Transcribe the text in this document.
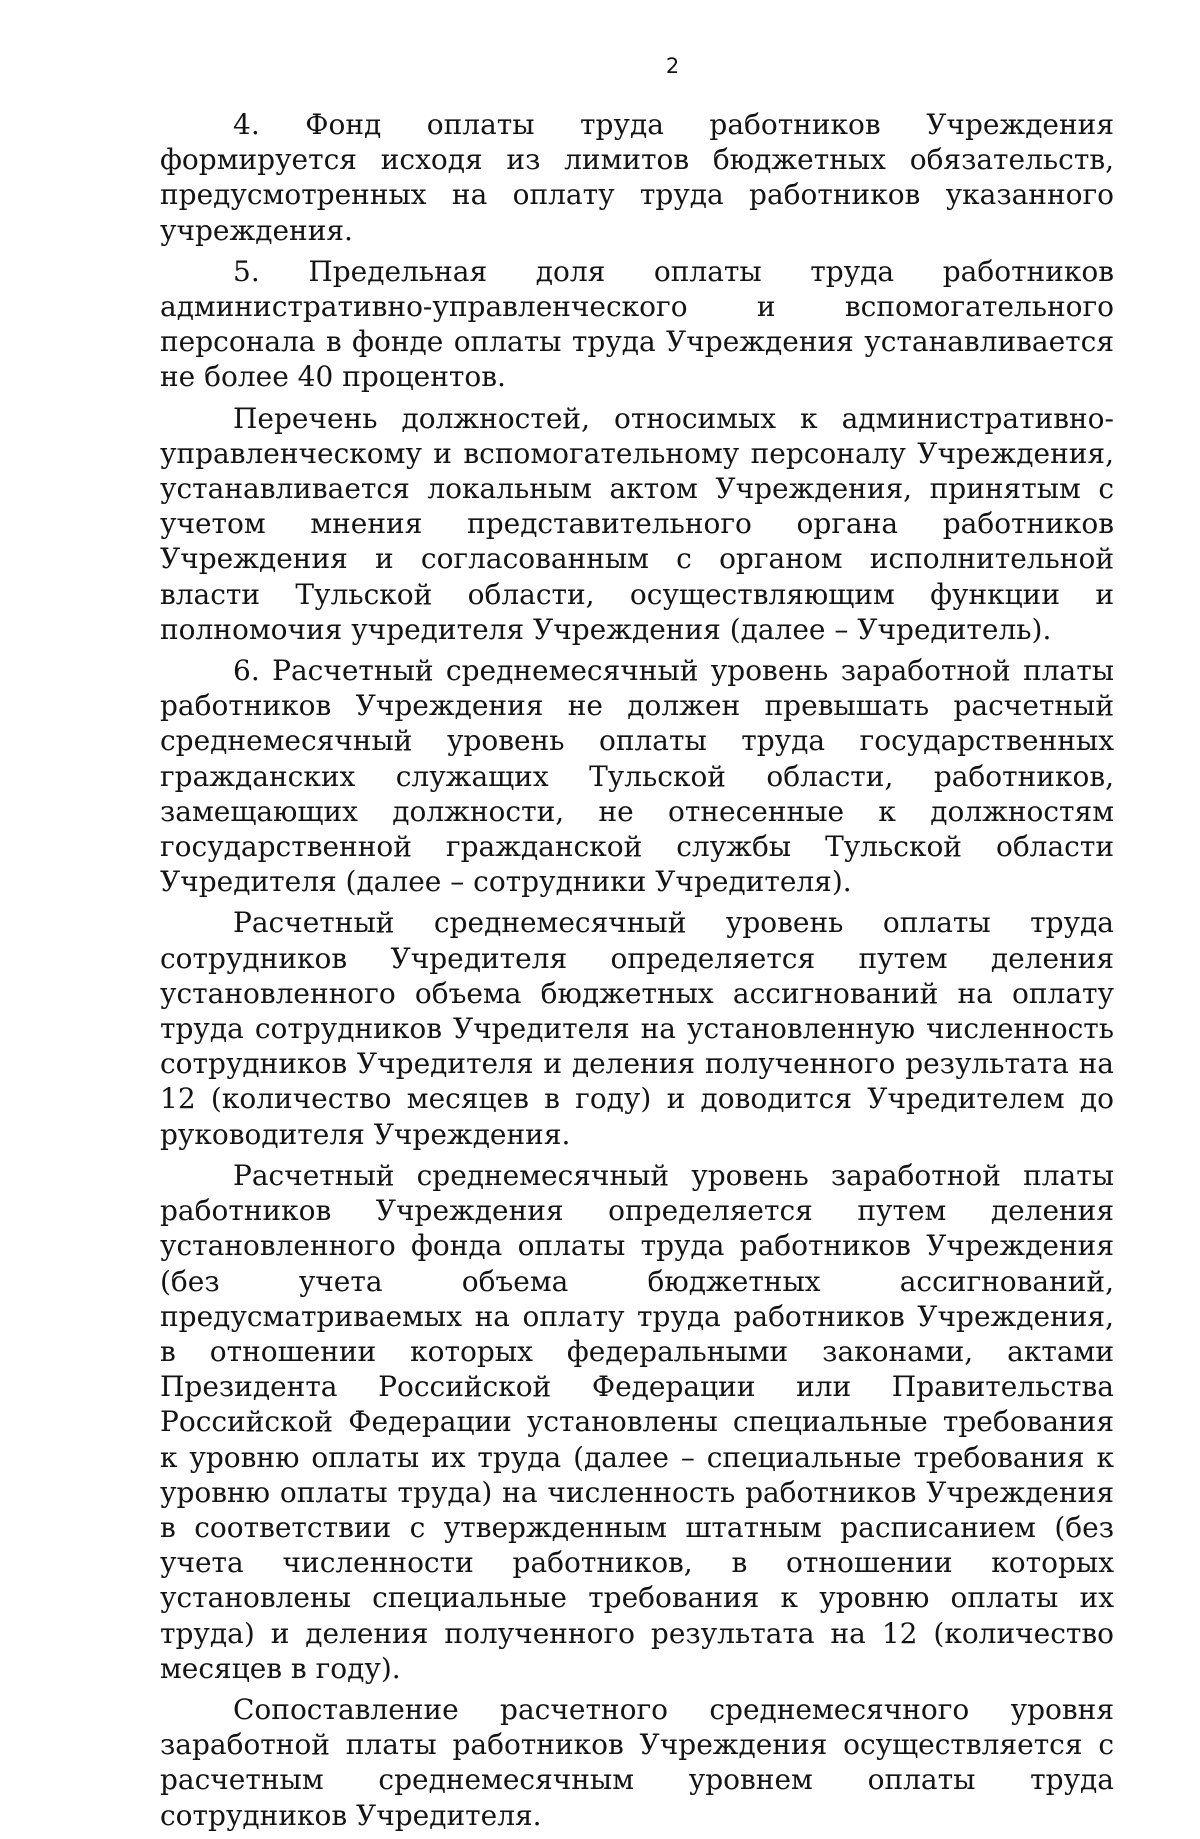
2

4. Фонд оплаты труда работников Учреждения формируется исходя из лимитов бюджетных обязательств, предусмотренных на оплату труда работников указанного учреждения.

5. Предельная доля оплаты труда работников административно-управленческого и вспомогательного персонала в фонде оплаты труда Учреждения устанавливается не более 40 процентов.

Перечень должностей, относимых к административно-управленческому и вспомогательному персоналу Учреждения, устанавливается локальным актом Учреждения, принятым с учетом мнения представительного органа работников Учреждения и согласованным с органом исполнительной власти Тульской области, осуществляющим функции и полномочия учредителя Учреждения (далее – Учредитель).

6. Расчетный среднемесячный уровень заработной платы работников Учреждения не должен превышать расчетный среднемесячный уровень оплаты труда государственных гражданских служащих Тульской области, работников, замещающих должности, не отнесенные к должностям государственной гражданской службы Тульской области Учредителя (далее – сотрудники Учредителя).

Расчетный среднемесячный уровень оплаты труда сотрудников Учредителя определяется путем деления установленного объема бюджетных ассигнований на оплату труда сотрудников Учредителя на установленную численность сотрудников Учредителя и деления полученного результата на 12 (количество месяцев в году) и доводится Учредителем до руководителя Учреждения.

Расчетный среднемесячный уровень заработной платы работников Учреждения определяется путем деления установленного фонда оплаты труда работников Учреждения (без учета объема бюджетных ассигнований, предусматриваемых на оплату труда работников Учреждения, в отношении которых федеральными законами, актами Президента Российской Федерации или Правительства Российской Федерации установлены специальные требования к уровню оплаты их труда (далее – специальные требования к уровню оплаты труда) на численность работников Учреждения в соответствии с утвержденным штатным расписанием (без учета численности работников, в отношении которых установлены специальные требования к уровню оплаты их труда) и деления полученного результата на 12 (количество месяцев в году).

Сопоставление расчетного среднемесячного уровня заработной платы работников Учреждения осуществляется с расчетным среднемесячным уровнем оплаты труда сотрудников Учредителя.
